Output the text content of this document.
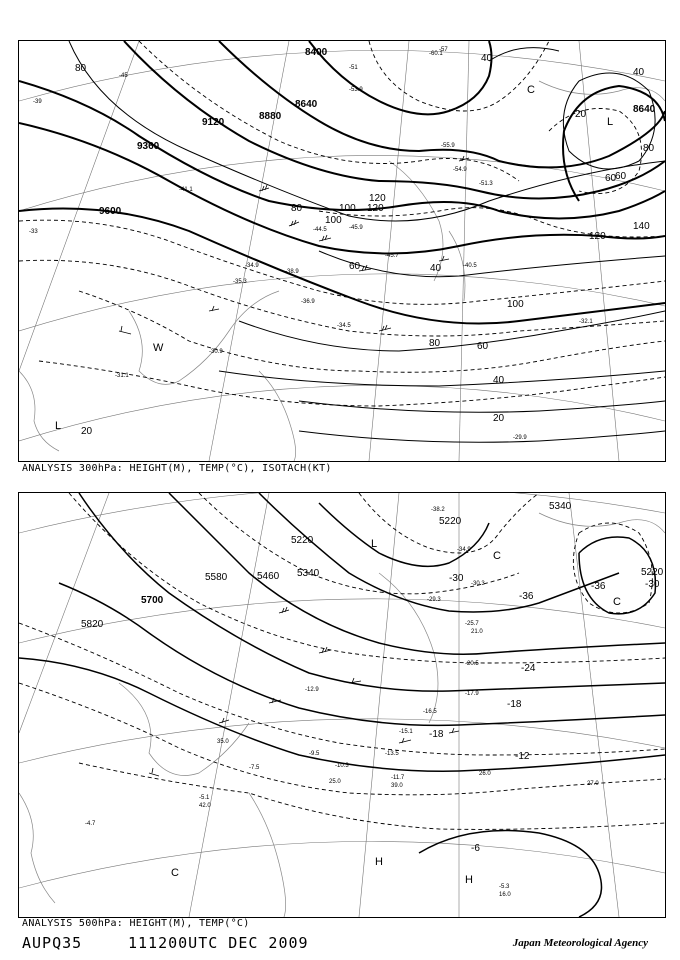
9600
9360
9120
8880
8640
8400
8640
80
100
120
140
120
100
80	60
40
20
20
40
60
80
40
20
60
100
120
40
80
60
L
L
W
C
-39
-45
-51
-55.9
-53.9
-54.9
-51.3
-44.5	-45.9
-45.7
-40.5
-38.9
-36.9
-34.9
-34.5
-33
-31.1
-29.9
-30.9
-32.1
-35.3
-41.1
-60.1
-57
ANALYSIS 300hPa: HEIGHT(M), TEMP(°C), ISOTACH(KT)
5820
5700
5580	5460 5340
5220
5220
5340
5220
-36	-30
-36
-30
-24
-18
-18
-12
-6
L
C
C
C
H
H
-38.2
-34.9
-30.3
-29.3
-25.7
-20.5
-17.9
-16.5
-15.1
-13.5
-11.7
-9.5
-7.5
-5.1
-5.3
-4.7
-10.3
-12.9
21.0
42.0
35.0
25.0
16.0
27.0
39.0
26.0
ANALYSIS 500hPa: HEIGHT(M), TEMP(°C)
AUPQ35	111200UTC DEC 2009	Japan Meteorological Agency
